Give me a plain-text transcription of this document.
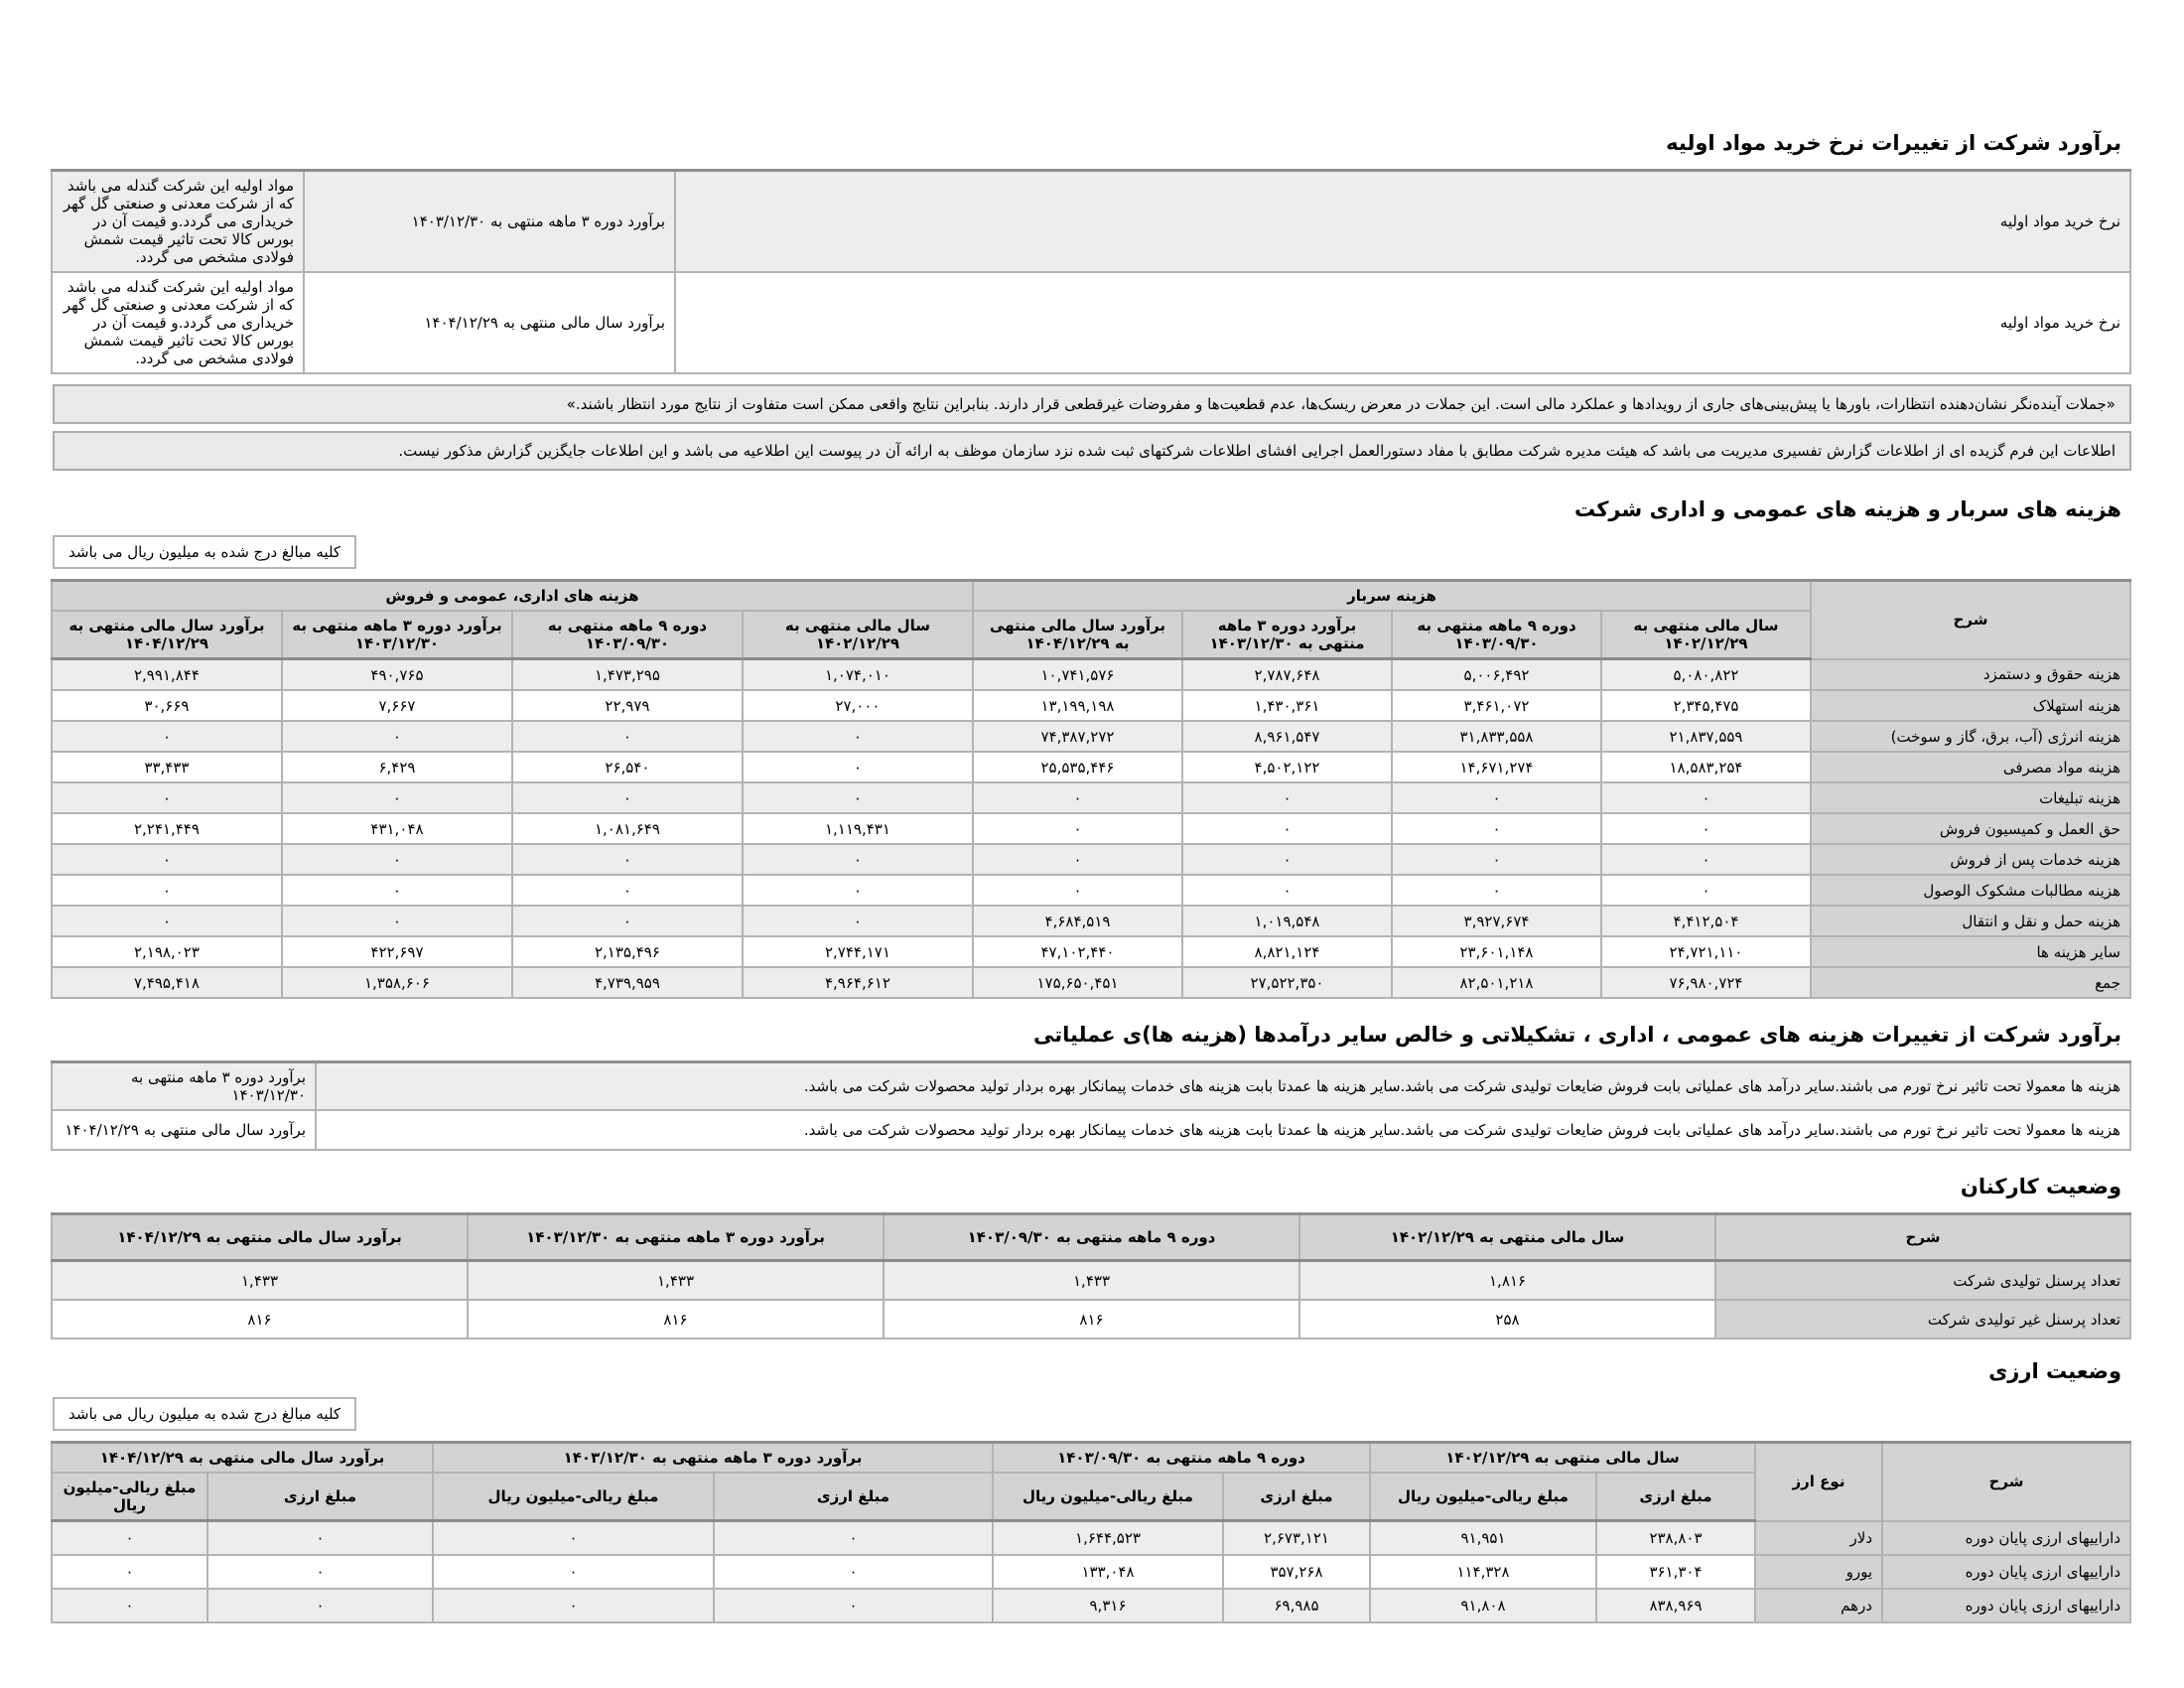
برآورد شرکت از تغییرات نرخ خرید مواد اولیه
نرخ خرید مواد اولیه	برآورد دوره ۳ ماهه منتهی به ۱۴۰۳/۱۲/۳۰	مواد اولیه این شرکت گندله می باشد که از شرکت معدنی و صنعتی گل گهر خریداری می گردد.و قیمت آن در بورس کالا تحت تاثیر قیمت شمش فولادی مشخص می گردد.
نرخ خرید مواد اولیه	برآورد سال مالی منتهی به ۱۴۰۴/۱۲/۲۹	مواد اولیه این شرکت گندله می باشد که از شرکت معدنی و صنعتی گل گهر خریداری می گردد.و قیمت آن در بورس کالا تحت تاثیر قیمت شمش فولادی مشخص می گردد.
«جملات آینده‌نگر نشان‌دهنده انتظارات، باورها یا پیش‌بینی‌های جاری از رویدادها و عملکرد مالی است. این جملات در معرض ریسک‌ها، عدم قطعیت‌ها و مفروضات غیرقطعی قرار دارند. بنابراین نتایج واقعی ممکن است متفاوت از نتایج مورد انتظار باشند.»
اطلاعات این فرم گزیده ای از اطلاعات گزارش تفسیری مدیریت می باشد که هیئت مدیره شرکت مطابق با مفاد دستورالعمل اجرایی افشای اطلاعات شرکتهای ثبت شده نزد سازمان موظف به ارائه آن در پیوست این اطلاعیه می باشد و این اطلاعات جایگزین گزارش مذکور نیست.
هزینه های سربار و هزینه های عمومی و اداری شرکت
کلیه مبالغ درج شده به میلیون ریال می باشد
شرح	هزینه سربار				هزینه های اداری، عمومی و فروش			
	سال مالی منتهی به ۱۴۰۲/۱۲/۲۹	دوره ۹ ماهه منتهی به ۱۴۰۳/۰۹/۳۰	برآورد دوره ۳ ماهه منتهی به ۱۴۰۳/۱۲/۳۰	برآورد سال مالی منتهی به ۱۴۰۴/۱۲/۲۹	سال مالی منتهی به ۱۴۰۲/۱۲/۲۹	دوره ۹ ماهه منتهی به ۱۴۰۳/۰۹/۳۰	برآورد دوره ۳ ماهه منتهی به ۱۴۰۳/۱۲/۳۰	برآورد سال مالی منتهی به ۱۴۰۴/۱۲/۲۹
هزینه حقوق و دستمزد	۵,۰۸۰,۸۲۲	۵,۰۰۶,۴۹۲	۲,۷۸۷,۶۴۸	۱۰,۷۴۱,۵۷۶	۱,۰۷۴,۰۱۰	۱,۴۷۳,۲۹۵	۴۹۰,۷۶۵	۲,۹۹۱,۸۴۴
هزینه استهلاک	۲,۳۴۵,۴۷۵	۳,۴۶۱,۰۷۲	۱,۴۳۰,۳۶۱	۱۳,۱۹۹,۱۹۸	۲۷,۰۰۰	۲۲,۹۷۹	۷,۶۶۷	۳۰,۶۶۹
هزینه انرژی (آب، برق، گاز و سوخت)	۲۱,۸۳۷,۵۵۹	۳۱,۸۳۳,۵۵۸	۸,۹۶۱,۵۴۷	۷۴,۳۸۷,۲۷۲	۰	۰	۰	۰
هزینه مواد مصرفی	۱۸,۵۸۳,۲۵۴	۱۴,۶۷۱,۲۷۴	۴,۵۰۲,۱۲۲	۲۵,۵۳۵,۴۴۶	۰	۲۶,۵۴۰	۶,۴۲۹	۳۳,۴۳۳
هزینه تبلیغات	۰	۰	۰	۰	۰	۰	۰	۰
حق العمل و کمیسیون فروش	۰	۰	۰	۰	۱,۱۱۹,۴۳۱	۱,۰۸۱,۶۴۹	۴۳۱,۰۴۸	۲,۲۴۱,۴۴۹
هزینه خدمات پس از فروش	۰	۰	۰	۰	۰	۰	۰	۰
هزینه مطالبات مشکوک الوصول	۰	۰	۰	۰	۰	۰	۰	۰
هزینه حمل و نقل و انتقال	۴,۴۱۲,۵۰۴	۳,۹۲۷,۶۷۴	۱,۰۱۹,۵۴۸	۴,۶۸۴,۵۱۹	۰	۰	۰	۰
سایر هزینه ها	۲۴,۷۲۱,۱۱۰	۲۳,۶۰۱,۱۴۸	۸,۸۲۱,۱۲۴	۴۷,۱۰۲,۴۴۰	۲,۷۴۴,۱۷۱	۲,۱۳۵,۴۹۶	۴۲۲,۶۹۷	۲,۱۹۸,۰۲۳
جمع	۷۶,۹۸۰,۷۲۴	۸۲,۵۰۱,۲۱۸	۲۷,۵۲۲,۳۵۰	۱۷۵,۶۵۰,۴۵۱	۴,۹۶۴,۶۱۲	۴,۷۳۹,۹۵۹	۱,۳۵۸,۶۰۶	۷,۴۹۵,۴۱۸
برآورد شرکت از تغییرات هزینه های عمومی ، اداری ، تشکیلاتی و خالص سایر درآمدها (هزینه ها)ی عملیاتی
هزینه ها معمولا تحت تاثیر نرخ تورم می باشند.سایر درآمد های عملیاتی بابت فروش ضایعات تولیدی شرکت می باشد.سایر هزینه ها عمدتا بابت هزینه های خدمات پیمانکار بهره بردار تولید محصولات شرکت می باشد.	برآورد دوره ۳ ماهه منتهی به ۱۴۰۳/۱۲/۳۰
هزینه ها معمولا تحت تاثیر نرخ تورم می باشند.سایر درآمد های عملیاتی بابت فروش ضایعات تولیدی شرکت می باشد.سایر هزینه ها عمدتا بابت هزینه های خدمات پیمانکار بهره بردار تولید محصولات شرکت می باشد.	برآورد سال مالی منتهی به ۱۴۰۴/۱۲/۲۹
وضعیت کارکنان
شرح	سال مالی منتهی به ۱۴۰۲/۱۲/۲۹	دوره ۹ ماهه منتهی به ۱۴۰۳/۰۹/۳۰	برآورد دوره ۳ ماهه منتهی به ۱۴۰۳/۱۲/۳۰	برآورد سال مالی منتهی به ۱۴۰۴/۱۲/۲۹
تعداد پرسنل تولیدی شرکت	۱,۸۱۶	۱,۴۳۳	۱,۴۳۳	۱,۴۳۳
تعداد پرسنل غیر تولیدی شرکت	۲۵۸	۸۱۶	۸۱۶	۸۱۶
وضعیت ارزی
کلیه مبالغ درج شده به میلیون ریال می باشد
شرح	نوع ارز	سال مالی منتهی به ۱۴۰۲/۱۲/۲۹		دوره ۹ ماهه منتهی به ۱۴۰۳/۰۹/۳۰		برآورد دوره ۳ ماهه منتهی به ۱۴۰۳/۱۲/۳۰		برآورد سال مالی منتهی به ۱۴۰۴/۱۲/۲۹	
		مبلغ ارزی	مبلغ ریالی-میلیون ریال	مبلغ ارزی	مبلغ ریالی-میلیون ریال	مبلغ ارزی	مبلغ ریالی-میلیون ریال	مبلغ ارزی	مبلغ ریالی-میلیون ریال
داراییهای ارزی پایان دوره	دلار	۲۳۸,۸۰۳	۹۱,۹۵۱	۲,۶۷۳,۱۲۱	۱,۶۴۴,۵۲۳	۰	۰	۰	۰
داراییهای ارزی پایان دوره	یورو	۳۶۱,۳۰۴	۱۱۴,۳۲۸	۳۵۷,۲۶۸	۱۳۳,۰۴۸	۰	۰	۰	۰
داراییهای ارزی پایان دوره	درهم	۸۳۸,۹۶۹	۹۱,۸۰۸	۶۹,۹۸۵	۹,۳۱۶	۰	۰	۰	۰
